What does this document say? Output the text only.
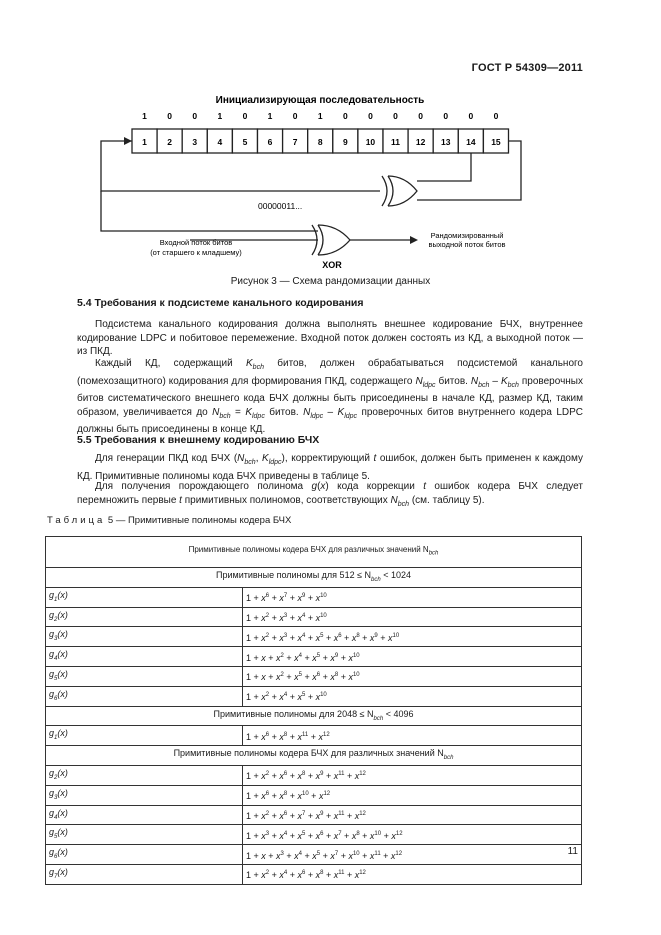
ГОСТ Р 54309—2011
Инициализирующая последовательность
1 0 0 1 0 1 0 1 0 0 0 0 0 0 0
1 2 3 4 5 6 7 8 9 10 11 12 13 14 15
00000011...
Входной поток битов
(от старшего к младшему)
XOR
Рандомизированный
выходной поток битов
Рисунок 3 — Схема рандомизации данных
5.4 Требования к подсистеме канального кодирования

Подсистема канального кодирования должна выполнять внешнее кодирование БЧХ, внутреннее кодирование LDPC и побитовое перемежение. Входной поток должен состоять из КД, а выходной поток — из ПКД.

Каждый КД, содержащий $K_{bch}$ битов, должен обрабатываться подсистемой канального (помехозащитного) кодирования для формирования ПКД, содержащего $N_{ldpc}$ битов. $N_{bch} - K_{bch}$ проверочных битов систематического внешнего кода БЧХ должны быть присоединены в начале КД, размер КД, таким образом, увеличивается до $N_{bch} = K_{ldpc}$ битов. $N_{ldpc} - K_{ldpc}$ проверочных битов внутреннего кодера LDPC должны быть присоединены в конце КД.

5.5 Требования к внешнему кодированию БЧХ

Для генерации ПКД код БЧХ ($N_{bch}$, $K_{ldpc}$), корректирующий t ошибок, должен быть применен к каждому КД. Примитивные полиномы кода БЧХ приведены в таблице 5.

Для получения порождающего полинома g(x) кода коррекции t ошибок кодера БЧХ следует перемножить первые t примитивных полиномов, соответствующих $N_{bch}$ (см. таблицу 5).

Таблица 5 — Примитивные полиномы кодера БЧХ
Примитивные полиномы кодера БЧХ для различных значений $N_{bch}$
Примитивные полиномы для $512 \le N_{bch} < 1024$	
$g_1(x)$	$1 + x^6 + x^7 + x^9 + x^{10}$
$g_2(x)$	$1 + x^2 + x^3 + x^4 + x^{10}$
$g_3(x)$	$1 + x^2 + x^3 + x^4 + x^5 + x^6 + x^8 + x^9 + x^{10}$
$g_4(x)$	$1 + x + x^2 + x^4 + x^5 + x^9 + x^{10}$
$g_5(x)$	$1 + x + x^2 + x^5 + x^6 + x^8 + x^{10}$
$g_6(x)$	$1 + x^2 + x^4 + x^5 + x^{10}$
Примитивные полиномы для $2048 \le N_{bch} < 4096$	
$g_1(x)$	$1 + x^6 + x^8 + x^{11} + x^{12}$
Примитивные полиномы кодера БЧХ для различных значений $N_{bch}$
$g_2(x)$	$1 + x^2 + x^6 + x^8 + x^9 + x^{11} + x^{12}$
$g_3(x)$	$1 + x^6 + x^8 + x^{10} + x^{12}$
$g_4(x)$	$1 + x^2 + x^6 + x^7 + x^9 + x^{11} + x^{12}$
$g_5(x)$	$1 + x^3 + x^4 + x^5 + x^6 + x^7 + x^8 + x^{10} + x^{12}$
$g_6(x)$	$1 + x + x^3 + x^4 + x^5 + x^7 + x^{10} + x^{11} + x^{12}$
$g_7(x)$	$1 + x^2 + x^4 + x^6 + x^8 + x^{11} + x^{12}$
11
